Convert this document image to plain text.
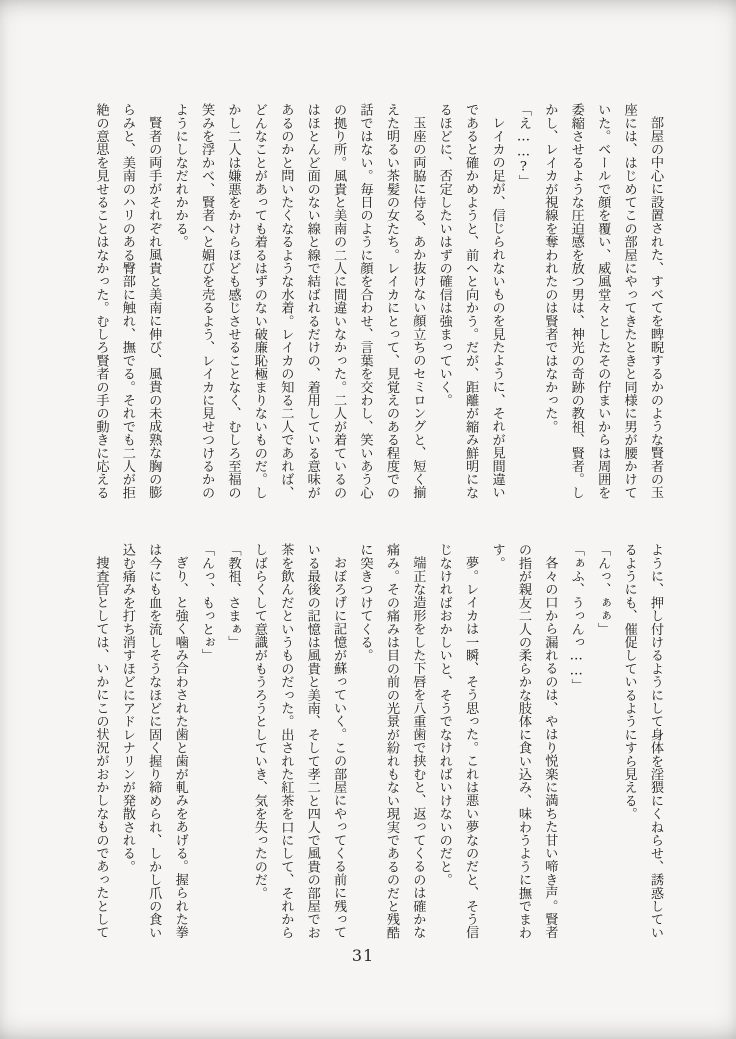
部屋の中心に設置された、すべてを睥睨するかのような賢者の玉座には、はじめてこの部屋にやってきたときと同様に男が腰かけていた。ベールで顔を覆い、威風堂々としたその佇まいからは周囲を委縮させるような圧迫感を放つ男は、神光の奇跡の教祖、賢者。しかし、レイカが視線を奪われたのは賢者ではなかった。

「え……?」

レイカの足が、信じられないものを見たように、それが見間違いであると確かめようと、前へと向かう。だが、距離が縮み鮮明になるほどに、否定したいはずの確信は強まっていく。

玉座の両脇に侍る、あか抜けない顔立ちのセミロングと、短く揃えた明るい茶髪の女たち。レイカにとって、見覚えのある程度での話ではない。毎日のように顔を合わせ、言葉を交わし、笑いあう心の拠り所。風貴と美南の二人に間違いなかった。二人が着ているのはほとんど面のない線と線で結ばれるだけの、着用している意味があるのかと問いたくなるような水着。レイカの知る二人であれば、どんなことがあっても着るはずのない破廉恥極まりないものだ。しかし二人は嫌悪をかけらほども感じさせることなく、むしろ至福の笑みを浮かべ、賢者へと媚びを売るよう、レイカに見せつけるかのようにしなだれかかる。

賢者の両手がそれぞれ風貴と美南に伸び、風貴の未成熟な胸の膨らみと、美南のハリのある臀部に触れ、撫でる。それでも二人が拒絶の意思を見せることはなかった。むしろ賢者の手の動きに応える

ように、押し付けるようにして身体を淫猥にくねらせ、誘惑しているようにも、催促しているようにすら見える。

「んっ、ぁぁ」

「ぁふ、うっんっ……」

各々の口から漏れるのは、やはり悦楽に満ちた甘い啼き声。賢者の指が親友二人の柔らかな肢体に食い込み、味わうように撫でまわす。

夢。レイカは一瞬、そう思った。これは悪い夢なのだと、そう信じなければおかしいと、そうでなければいけないのだと。

端正な造形をした下唇を八重歯で挟むと、返ってくるのは確かな痛み。その痛みは目の前の光景が紛れもない現実であるのだと残酷に突きつけてくる。

おぼろげに記憶が蘇っていく。この部屋にやってくる前に残っている最後の記憶は風貴と美南、そして孝二と四人で風貴の部屋でお茶を飲んだというものだった。出された紅茶を口にして、それからしばらくして意識がもうろうとしていき、気を失ったのだ。

「教祖、さまぁ」

「んっ、もっとぉ」

ぎり、と強く噛み合わされた歯と歯が軋みをあげる。握られた拳は今にも血を流しそうなほどに固く握り締められ、しかし爪の食い込む痛みを打ち消すほどにアドレナリンが発散される。

捜査官としては、いかにこの状況がおかしなものであったとして

31
